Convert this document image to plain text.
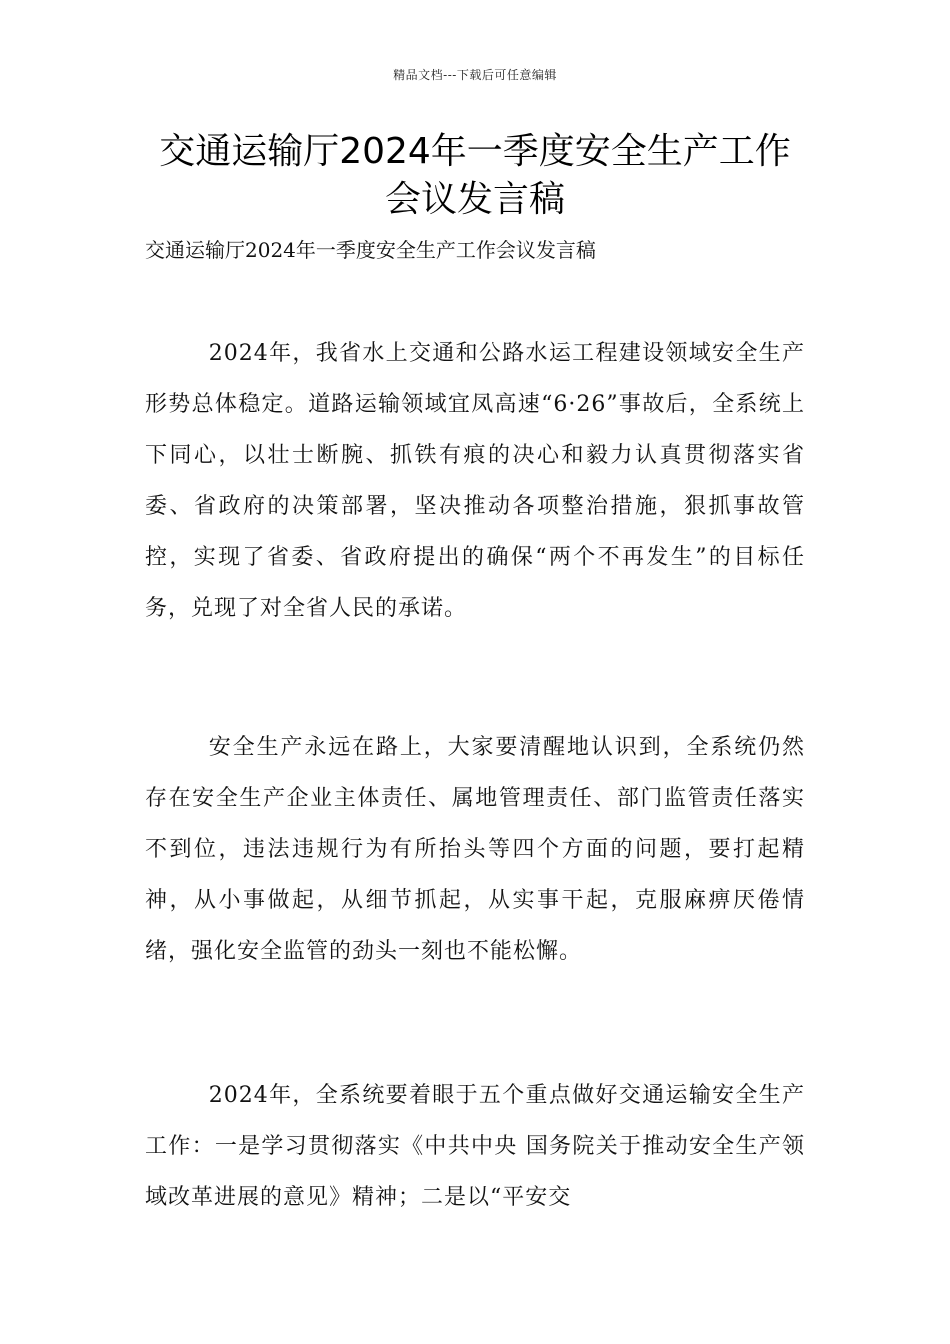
精品文档---下载后可任意编辑
交通运输厅2024年一季度安全生产工作会议发言稿

交通运输厅2024年一季度安全生产工作会议发言稿

2024年，我省水上交通和公路水运工程建设领域安全生产形势总体稳定。道路运输领域宜凤高速“6·26”事故后，全系统上下同心，以壮士断腕、抓铁有痕的决心和毅力认真贯彻落实省委、省政府的决策部署，坚决推动各项整治措施，狠抓事故管控，实现了省委、省政府提出的确保“两个不再发生”的目标任务，兑现了对全省人民的承诺。

安全生产永远在路上，大家要清醒地认识到，全系统仍然存在安全生产企业主体责任、属地管理责任、部门监管责任落实不到位，违法违规行为有所抬头等四个方面的问题，要打起精神，从小事做起，从细节抓起，从实事干起，克服麻痹厌倦情绪，强化安全监管的劲头一刻也不能松懈。

2024年，全系统要着眼于五个重点做好交通运输安全生产工作：一是学习贯彻落实《中共中央 国务院关于推动安全生产领域改革进展的意见》精神；二是以“平安交
